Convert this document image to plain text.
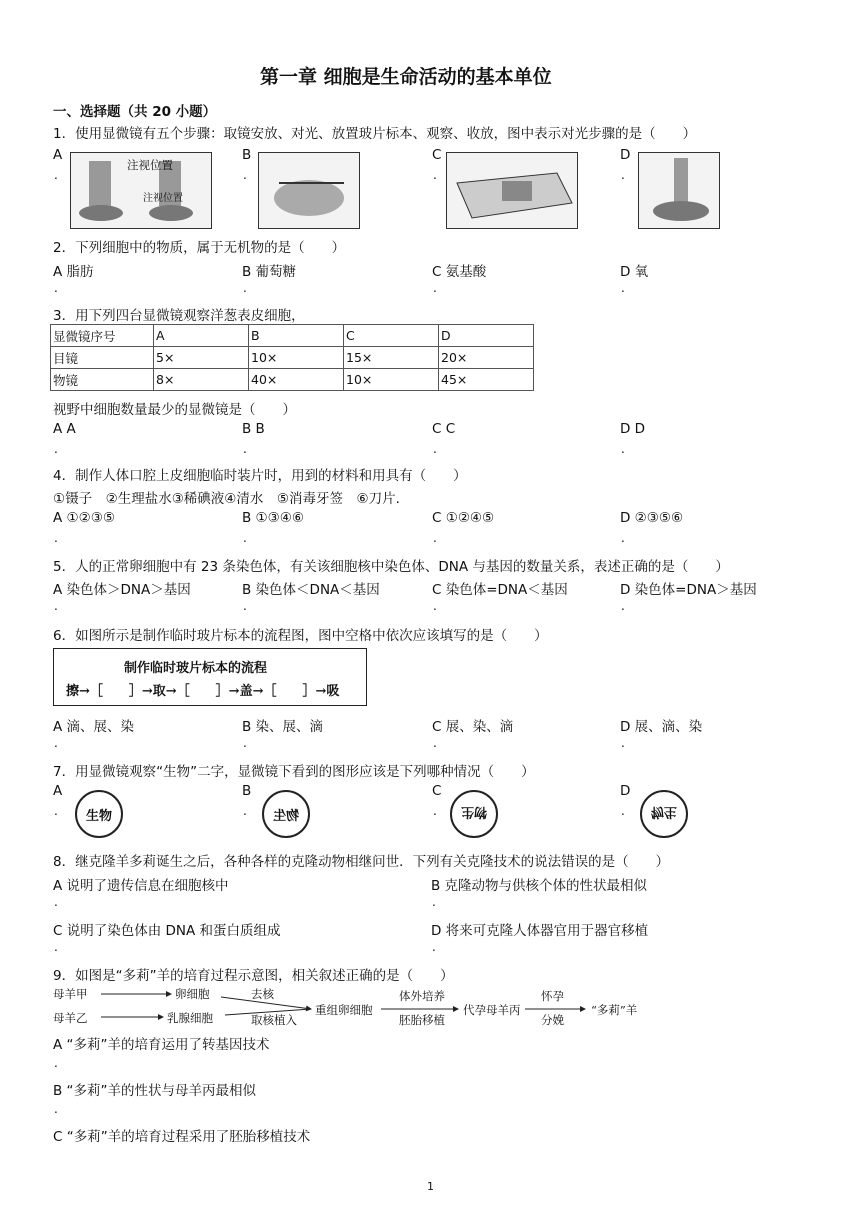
第一章 细胞是生命活动的基本单位
一、选择题（共 20 小题）
1．使用显微镜有五个步骤：取镜安放、对光、放置玻片标本、观察、收放，图中表示对光步骤的是（　　）
A
.
注视位置
注视位置
B
.
C
.
D
.
2．下列细胞中的物质，属于无机物的是（　　）
A 脂肪	B 葡萄糖	C 氨基酸	D 氧
.	.	.	.
3．用下列四台显微镜观察洋葱表皮细胞，
显微镜序号	A	B	C	D
目镜	5×	10×	15×	20×
物镜	8×	40×	10×	45×
视野中细胞数量最少的显微镜是（　　）
A A	B B	C C	D D
.	.	.	.
4．制作人体口腔上皮细胞临时装片时，用到的材料和用具有（　　）
①镊子　②生理盐水③稀碘液④清水　⑤消毒牙签　⑥刀片.
A ①②③⑤	B ①③④⑥	C ①②④⑤	D ②③⑤⑥
.	.	.	.
5．人的正常卵细胞中有 23 条染色体，有关该细胞核中染色体、DNA 与基因的数量关系，表述正确的是（　　）
A 染色体＞DNA＞基因	B 染色体＜DNA＜基因	C 染色体=DNA＜基因	D 染色体=DNA＞基因
.	.	.	.
6．如图所示是制作临时玻片标本的流程图，图中空格中依次应该填写的是（　　）
制作临时玻片标本的流程
擦→［　　］→取→［　　］→盖→［　　］→吸
A 滴、展、染	B 染、展、滴	C 展、染、滴	D 展、滴、染
.	.	.	.
7．用显微镜观察“生物”二字，显微镜下看到的图形应该是下列哪种情况（　　）
A
.	生物
B
.	物生
C
.	物生
D
.	物生
8．继克隆羊多莉诞生之后，各种各样的克隆动物相继问世．下列有关克隆技术的说法错误的是（　　）
A 说明了遗传信息在细胞核中	B 克隆动物与供核个体的性状最相似
.	.
C 说明了染色体由 DNA 和蛋白质组成	D 将来可克隆人体器官用于器官移植
.	.
9．如图是“多莉”羊的培育过程示意图，相关叙述正确的是（　　）
母羊甲	卵细胞	去核
母羊乙	乳腺细胞	取核植入
重组卵细胞
体外培养
胚胎移植
代孕母羊丙
怀孕
分娩
“多莉”羊
A “多莉”羊的培育运用了转基因技术
.
B “多莉”羊的性状与母羊丙最相似
.
C “多莉”羊的培育过程采用了胚胎移植技术
1
